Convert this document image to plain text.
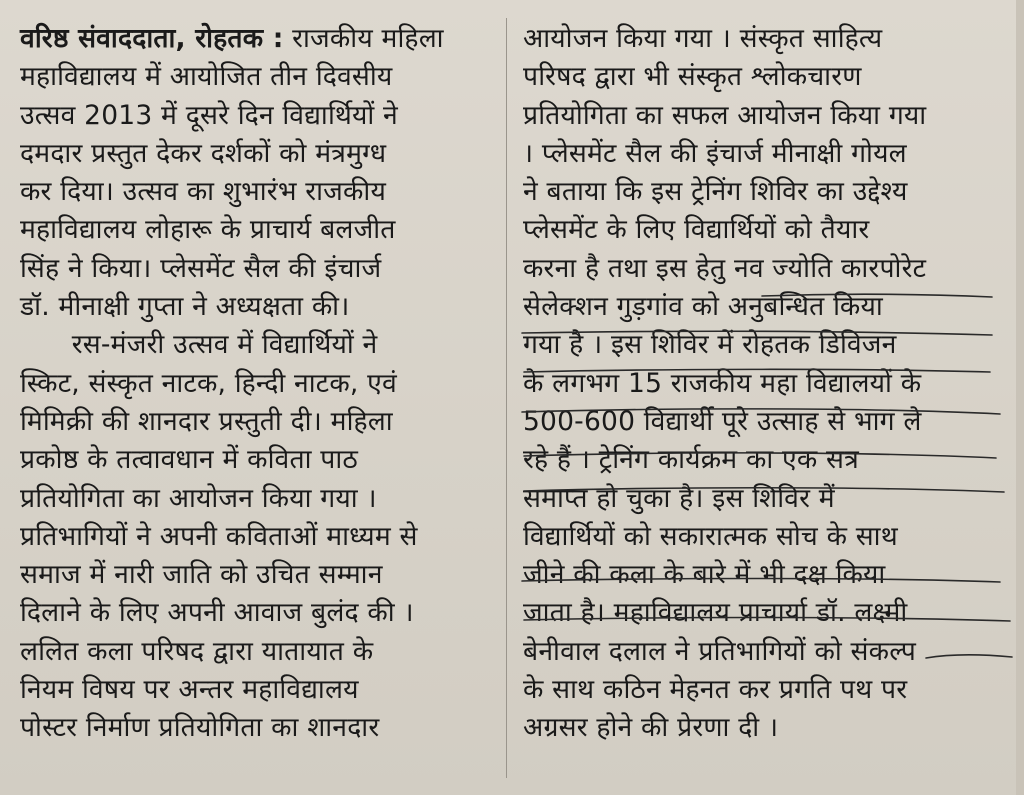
वरिष्ठ संवाददाता, रोहतक : राजकीय महिला
महाविद्यालय में आयोजित तीन दिवसीय
उत्सव 2013 में दूसरे दिन विद्यार्थियों ने
दमदार प्रस्तुत देकर दर्शकों को मंत्रमुग्ध
कर दिया। उत्सव का शुभारंभ राजकीय
महाविद्यालय लोहारू के प्राचार्य बलजीत
सिंह ने किया। प्लेसमेंट सैल की इंचार्ज
डॉ. मीनाक्षी गुप्ता ने अध्यक्षता की।
रस-मंजरी उत्सव में विद्यार्थियों ने
स्किट, संस्कृत नाटक, हिन्दी नाटक, एवं
मिमिक्री की शानदार प्रस्तुती दी। महिला
प्रकोष्ठ के तत्वावधान में कविता पाठ
प्रतियोगिता का आयोजन किया गया ।
प्रतिभागियों ने अपनी कविताओं माध्यम से
समाज में नारी जाति को उचित सम्मान
दिलाने के लिए अपनी आवाज बुलंद की ।
ललित कला परिषद द्वारा यातायात के
नियम विषय पर अन्तर महाविद्यालय
पोस्टर निर्माण प्रतियोगिता का शानदार
आयोजन किया गया । संस्कृत साहित्य
परिषद द्वारा भी संस्कृत श्लोकचारण
प्रतियोगिता का सफल आयोजन किया गया
। प्लेसमेंट सैल की इंचार्ज मीनाक्षी गोयल
ने बताया कि इस ट्रेनिंग शिविर का उद्देश्य
प्लेसमेंट के लिए विद्यार्थियों को तैयार
करना है तथा इस हेतु नव ज्योति कारपोरेट
सेलेक्शन गुड़गांव को अनुबन्धित किया
गया है । इस शिविर में रोहतक डिविजन
के लगभग 15 राजकीय महा विद्यालयों के
500-600 विद्यार्थी पूरे उत्साह से भाग ले
रहे हैं । ट्रेनिंग कार्यक्रम का एक सत्र
समाप्त हो चुका है। इस शिविर में
विद्यार्थियों को सकारात्मक सोच के साथ
जीने की कला के बारे में भी दक्ष किया
जाता है। महाविद्यालय प्राचार्या डॉ. लक्ष्मी
बेनीवाल दलाल ने प्रतिभागियों को संकल्प
के साथ कठिन मेहनत कर प्रगति पथ पर
अग्रसर होने की प्रेरणा दी ।
